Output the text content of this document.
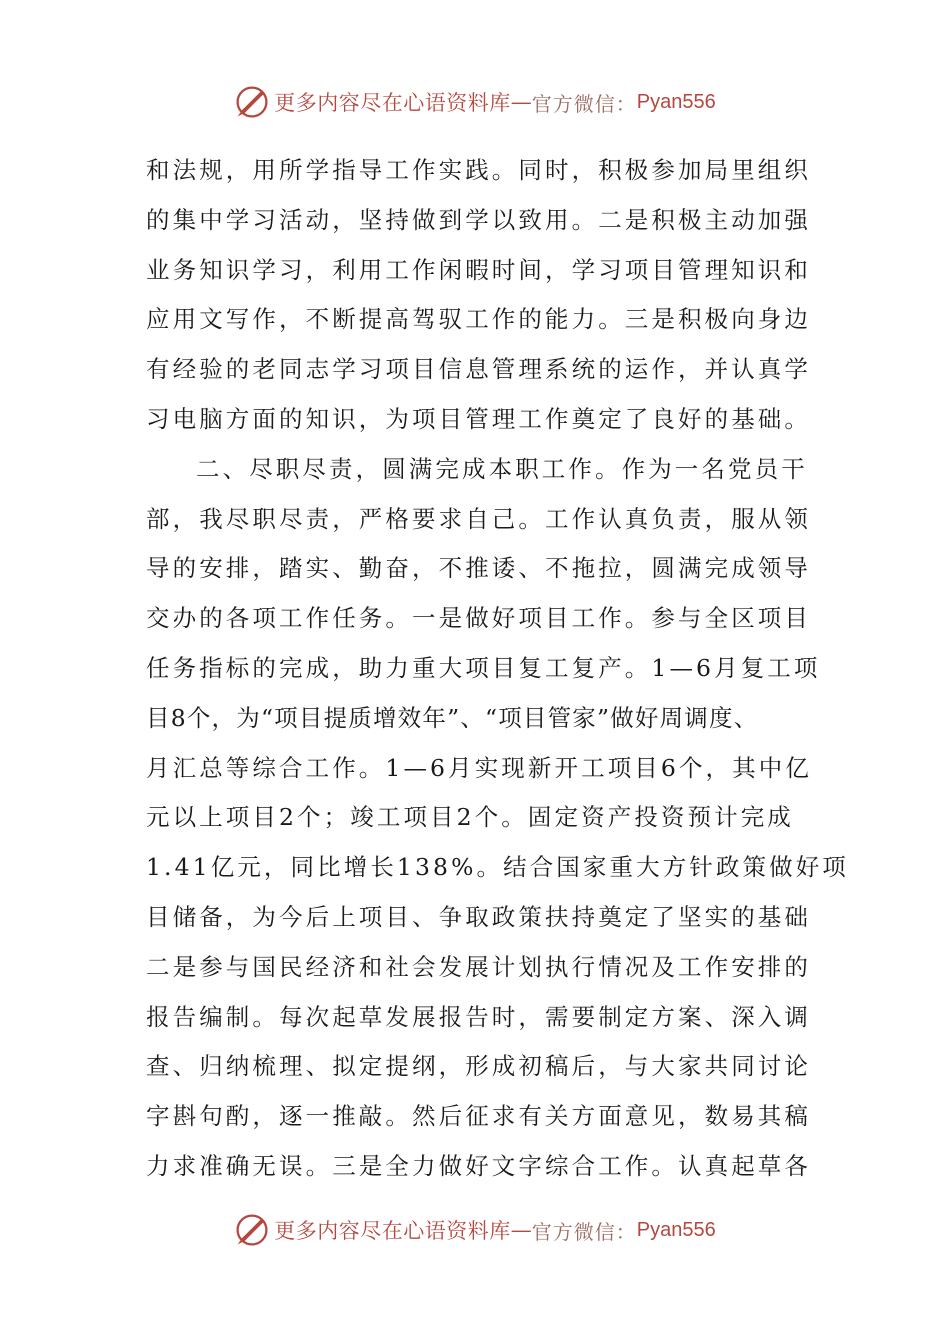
更多内容尽在心语资料库 — 官方微信： Pyan556
和法规，用所学指导工作实践。同时，积极参加局里组织
的集中学习活动，坚持做到学以致用。二是积极主动加强
业务知识学习，利用工作闲暇时间，学习项目管理知识和
应用文写作，不断提高驾驭工作的能力。三是积极向身边
有经验的老同志学习项目信息管理系统的运作，并认真学
习电脑方面的知识，为项目管理工作奠定了良好的基础。
二、尽职尽责，圆满完成本职工作。作为一名党员干
部，我尽职尽责，严格要求自己。工作认真负责，服从领
导的安排，踏实、勤奋，不推诿、不拖拉，圆满完成领导
交办的各项工作任务。一是做好项目工作。参与全区项目
任务指标的完成，助力重大项目复工复产。1—6月复工项
目8个，为“项目提质增效年”、“项目管家”做好周调度、
月汇总等综合工作。1—6月实现新开工项目6个，其中亿
元以上项目2个；竣工项目2个。固定资产投资预计完成
1.41亿元，同比增长138%。结合国家重大方针政策做好项
目储备，为今后上项目、争取政策扶持奠定了坚实的基础
二是参与国民经济和社会发展计划执行情况及工作安排的
报告编制。每次起草发展报告时，需要制定方案、深入调
查、归纳梳理、拟定提纲，形成初稿后，与大家共同讨论
字斟句酌，逐一推敲。然后征求有关方面意见，数易其稿
力求准确无误。三是全力做好文字综合工作。认真起草各
更多内容尽在心语资料库 — 官方微信： Pyan556
